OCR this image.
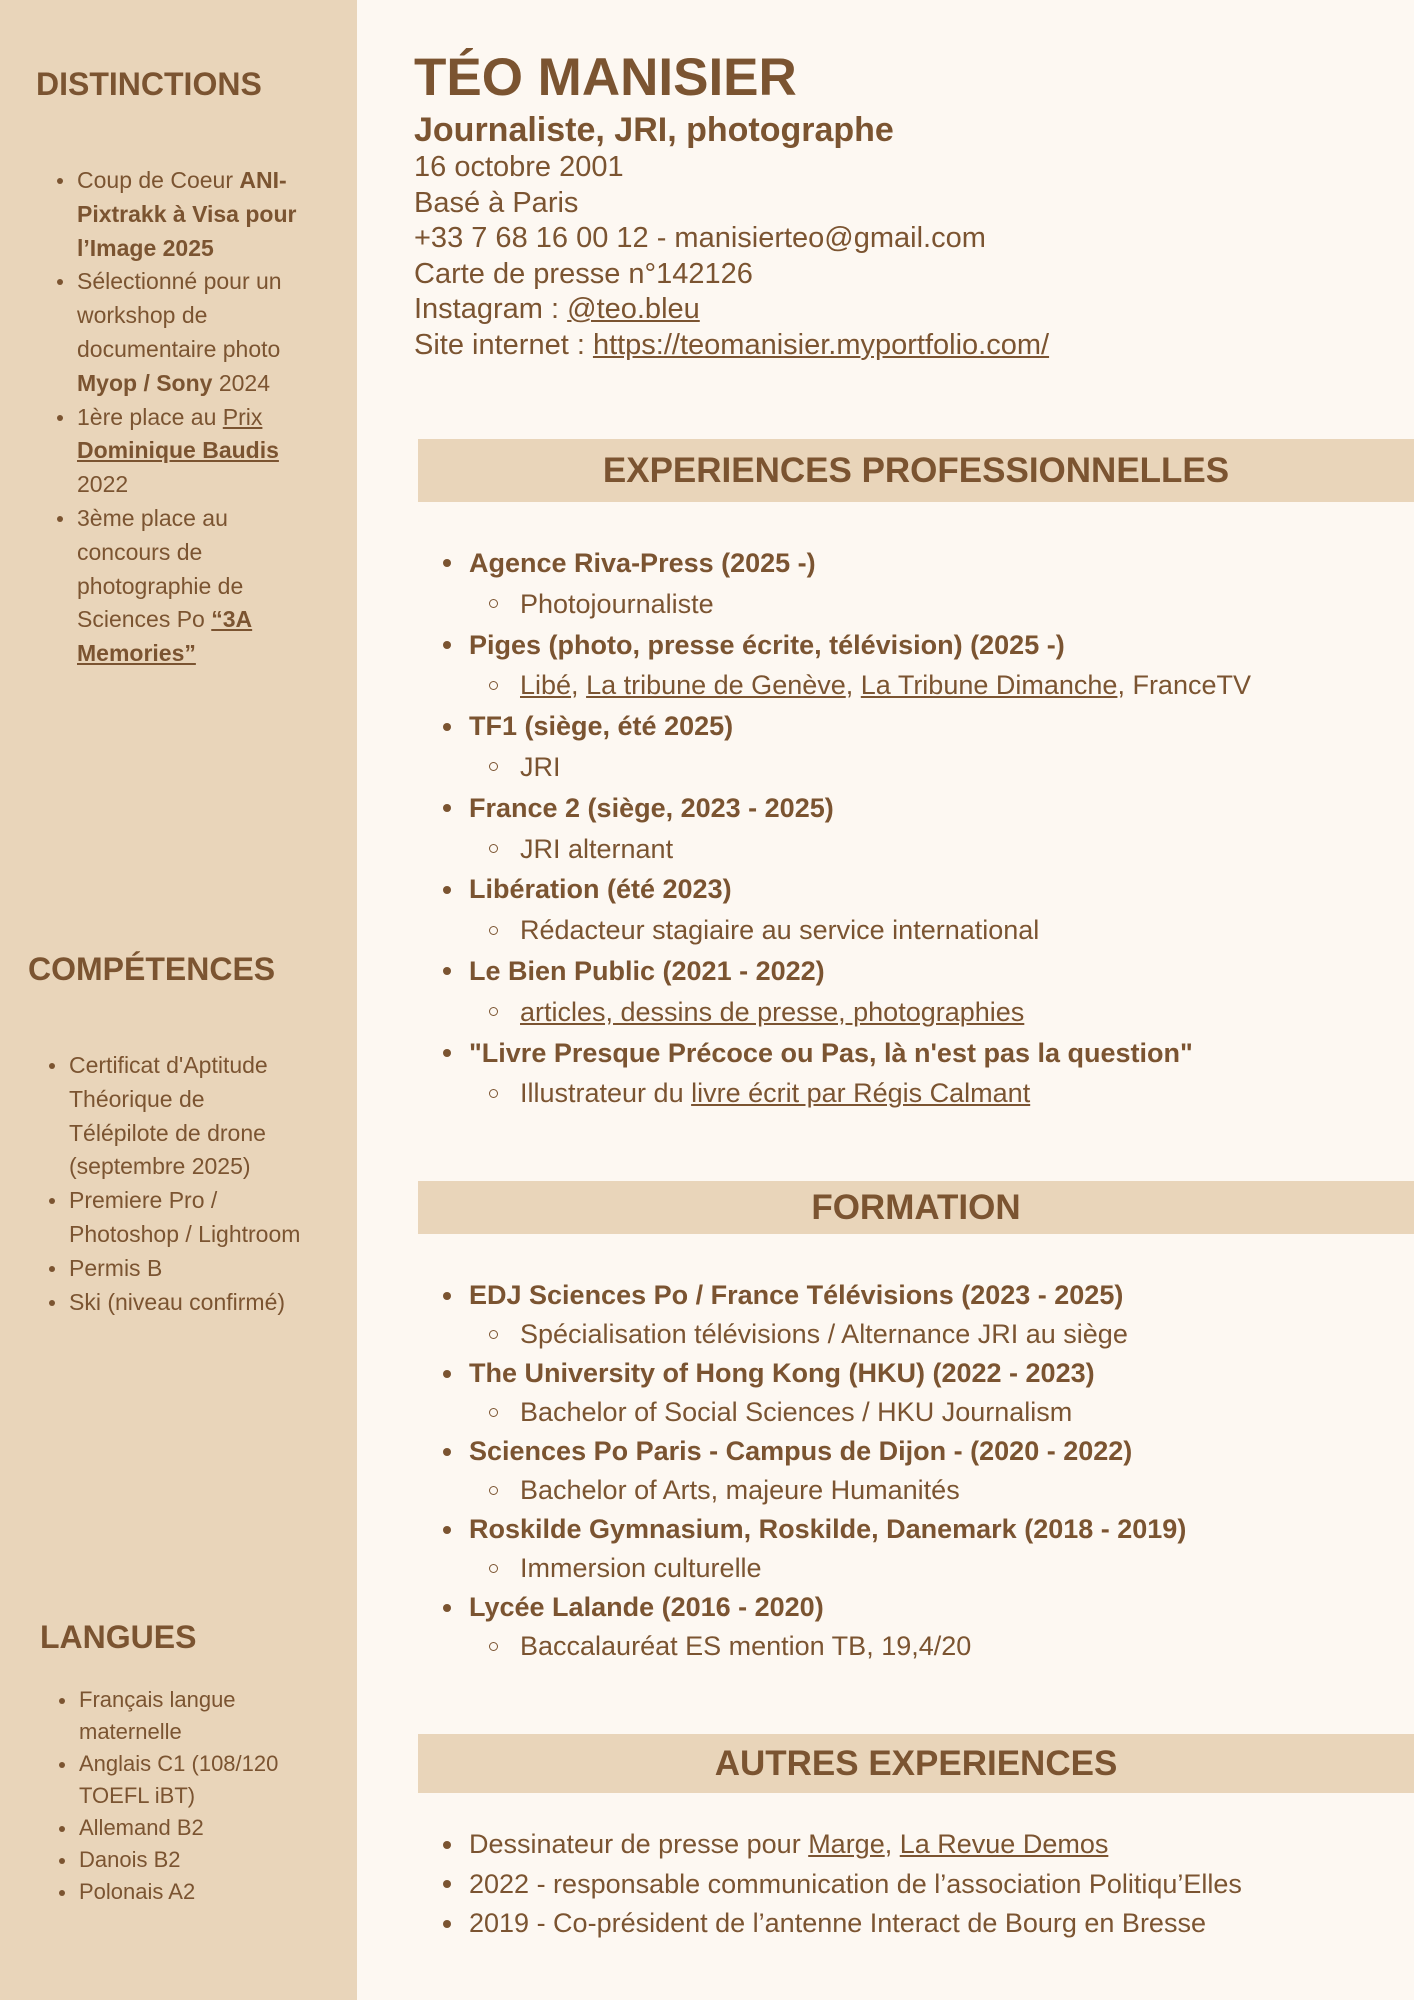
DISTINCTIONS
Coup de Coeur ANI-Pixtrakk à Visa pour l’Image 2025
Sélectionné pour un workshop de documentaire photo Myop / Sony 2024
1ère place au Prix Dominique Baudis 2022
3ème place au concours de photographie de Sciences Po “3A Memories”
COMPÉTENCES
Certificat d'Aptitude Théorique de Télépilote de drone (septembre 2025)
Premiere Pro / Photoshop / Lightroom
Permis B
Ski (niveau confirmé)
LANGUES
Français langue maternelle
Anglais C1 (108/120 TOEFL iBT)
Allemand B2
Danois B2
Polonais A2
TÉO MANISIER
Journaliste, JRI, photographe
16 octobre 2001
Basé à Paris
+33 7 68 16 00 12 - manisierteo@gmail.com
Carte de presse n°142126
Instagram : @teo.bleu
Site internet : https://teomanisier.myportfolio.com/
EXPERIENCES PROFESSIONNELLES
Agence Riva-Press (2025 -)
Photojournaliste
Piges (photo, presse écrite, télévision) (2025 -)
Libé, La tribune de Genève, La Tribune Dimanche, FranceTV
TF1 (siège, été 2025)
JRI
France 2 (siège, 2023 - 2025)
JRI alternant
Libération (été 2023)
Rédacteur stagiaire au service international
Le Bien Public (2021 - 2022)
articles, dessins de presse, photographies
"Livre Presque Précoce ou Pas, là n'est pas la question"
Illustrateur du livre écrit par Régis Calmant
FORMATION
EDJ Sciences Po / France Télévisions (2023 - 2025)
Spécialisation télévisions / Alternance JRI au siège
The University of Hong Kong (HKU) (2022 - 2023)
Bachelor of Social Sciences / HKU Journalism
Sciences Po Paris - Campus de Dijon - (2020 - 2022)
Bachelor of Arts, majeure Humanités
Roskilde Gymnasium, Roskilde, Danemark (2018 - 2019)
Immersion culturelle
Lycée Lalande (2016 - 2020)
Baccalauréat ES mention TB, 19,4/20
AUTRES EXPERIENCES
Dessinateur de presse pour Marge, La Revue Demos
2022 - responsable communication de l’association Politiqu’Elles
2019 - Co-président de l’antenne Interact de Bourg en Bresse
